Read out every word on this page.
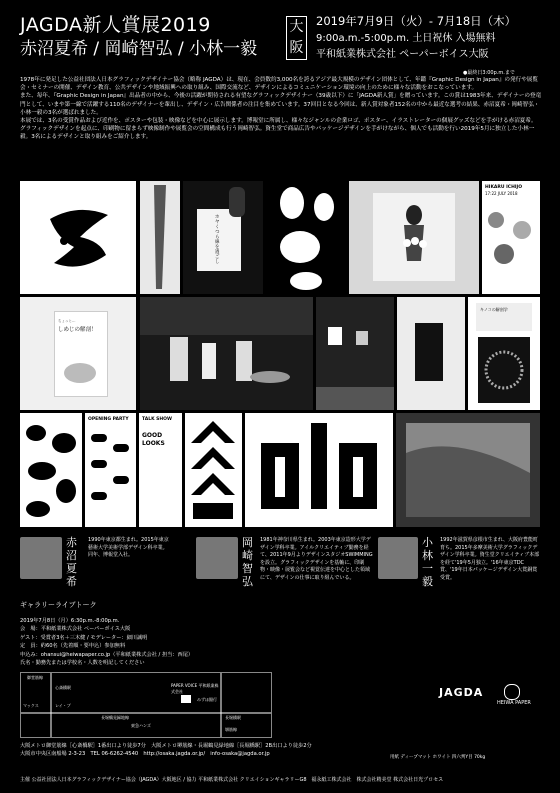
JAGDA新人賞展2019
赤沼夏希 / 岡崎智弘 / 小林一毅
大阪
2019年7月9日（火）- 7月18日（木）
9:00a.m.-5:00p.m. 土日祝休 入場無料
平和紙業株式会社 ペーパーボイス大阪
●最終日3:00p.m.まで

1978年に発足した公益社団法人日本グラフィックデザイナー協会（略称 JAGDA）は、現在、会員数約3,000名を誇るアジア最大規模のデザイン団体として、年鑑『Graphic Design in Japan』の発行や展覧会・セミナーの開催、デザイン教育、公共デザインや地域振興への取り組み、国際交流など、デザインによるコミュニケーション環境の向上のために様々な活動をおこなっています。

また、毎年、『Graphic Design in Japan』出品者の中から、今後の活躍が期待される有望なグラフィックデザイナー（39歳以下）に「JAGDA新人賞」を贈っています。この賞は1983年来、デザイナーの登竜門として、いまや第一線で活躍する110名のデザイナーを輩出し、デザイン・広告関係者の注目を集めています。37回目となる今回は、新人賞対象者152名の中から最近な選考の結果、赤沼夏希・岡崎智弘・小林一毅の3名が選ばれました。

本展では、3名の受賞作品および近作を、ポスターや包装・映像などを中心に展示します。博報堂に所属し、様々なジャンルの企業ロゴ、ポスター、イラストレーターの個展グッズなどを手がける赤沼夏希。グラフィックデザインを起点に、印刷物に留まらず映像制作や展覧会の空間構成も行う岡崎智弘。資生堂で商品広告やパッケージデザインを手がけながら、個人でも活動を行い2019年5月に独立した小林一毅。3名によるデザインと取り組みをご紹介します。

ホヤくつら 線を過ごし
HIKARU ICHIJO
17:22 JULY 2018
ちょっと…
しめじの解剖！
キノコの解剖学
OPENING PARTY	TALK SHOW
GOOD LOOKS
赤沼夏希
1990年東京都生まれ。2015年東京藝術大学美術学部デザイン科卒業。同年、博報堂入社。
岡崎智弘
1981年神奈川県生まれ。2003年東京造形大学デザイン学科卒業。アイルクリエイティブ勤務を経て、2011年9月よりデザインスタジオSWIMMINGを設立。グラフィックデザインを基軸に、印刷物・映像・展覧会など視覚伝達を中心とした領域にて、デザインの仕事に取り組んでいる。
小林一毅
1992年滋賀県彦根市生まれ、大阪府豊能町育ち。2015年多摩美術大学グラフィックデザイン学科卒業。資生堂クリエイティブ本部を経て'19年5月独立。'16年東京TDC賞、'19年日本パッケージデザイン大賞銅賞受賞。
ギャラリーライブトーク
2019年7月8日（月）6:30p.m.-8:00p.m.
会　場：平和紙業株式会社 ペーパーボイス大阪
ゲスト：受賞者3名＋三木健 / モデレーター：細川誠明
定　員：約60名（先着順・要申込）参加無料
申込み：ohansui@heiwapaper.co.jp（平和紙業株式会社 / 担当：西尾）
氏名・勤務先または学校名・人数を明記してください
御堂筋線
心斎橋駅
長堀鶴見緑地線	長堀橋駅
PAPER VOICE 平和紙業株式会社
みずほ銀行
マックス	レイ・ブ
東急ハンズ
堺筋線
JAGDA
HEIWA PAPER
大阪メトロ御堂筋線［心斎橋駅］1番出口より徒歩7分　大阪メトロ堺筋線・長堀鶴見緑地線［長堀橋駅］2B出口より徒歩2分
大阪市中央区南船場 2-3-23　TEL 06-6262-4540　http://osaka.jagda.or.jp/　info-osaka@jagda.or.jp
用紙 ディープマット ホワイト 四六判Y目 70kg
主催 公益社団法人日本グラフィックデザイナー協会（JAGDA）大阪地区 / 協力 平和紙業株式会社 クリエイションギャラリーG8　福永紙工株式会社　株式会社精美堂 株式会社日光プロセス
